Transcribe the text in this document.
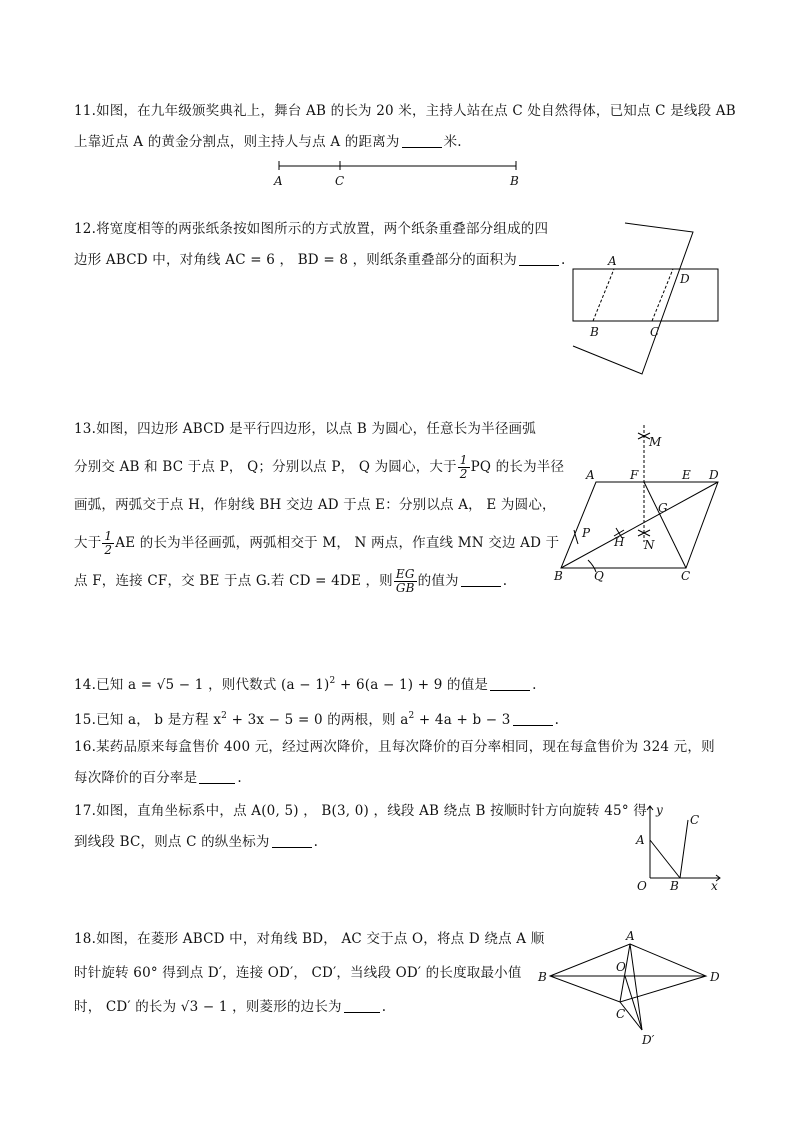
11.如图，在九年级颁奖典礼上，舞台 AB 的长为 20 米，主持人站在点 C 处自然得体，已知点 C 是线段 AB
上靠近点 A 的黄金分割点，则主持人与点 A 的距离为	米.
A	C	B
12.将宽度相等的两张纸条按如图所示的方式放置，两个纸条重叠部分组成的四
边形 ABCD 中，对角线 AC = 6 ， BD = 8 ，则纸条重叠部分的面积为	.	A
D
B	C
13.如图，四边形 ABCD 是平行四边形，以点 B 为圆心，任意长为半径画弧
分别交 AB 和 BC 于点 P， Q；分别以点 P， Q 为圆心，大于 $\frac{1}{2}$ PQ 的长为半径
画弧，两弧交于点 H，作射线 BH 交边 AD 于点 E：分别以点 A， E 为圆心，
大于 $\frac{1}{2}$ AE 的长为半径画弧，两弧相交于 M， N 两点，作直线 MN 交边 AD 于
点 F，连接 CF，交 BE 于点 G.若 CD = 4DE ，则 $\frac{EG}{GB}$ 的值为	.
A	F	E D
M
G
P
H N
B	Q	C
14.已知 a = √5 − 1 ，则代数式 $(a - 1)^2 + 6(a - 1) + 9$ 的值是	.
15.已知 a， b 是方程 $x^2 + 3x - 5 = 0$ 的两根，则 $a^2 + 4a + b - 3$	.
16.某药品原来每盒售价 400 元，经过两次降价，且每次降价的百分率相同，现在每盒售价为 324 元，则
每次降价的百分率是	.
17.如图，直角坐标系中，点 A(0, 5) ， B(3, 0) ，线段 AB 绕点 B 按顺时针方向旋转 45° 得
到线段 BC，则点 C 的纵坐标为	.
y
x
A
C
O B
18.如图，在菱形 ABCD 中，对角线 BD， AC 交于点 O，将点 D 绕点 A 顺
时针旋转 60° 得到点 D′，连接 OD′， CD′，当线段 OD′ 的长度取最小值
时， CD′ 的长为 √3 − 1 ，则菱形的边长为	.
A
B
O
D
C
D′
